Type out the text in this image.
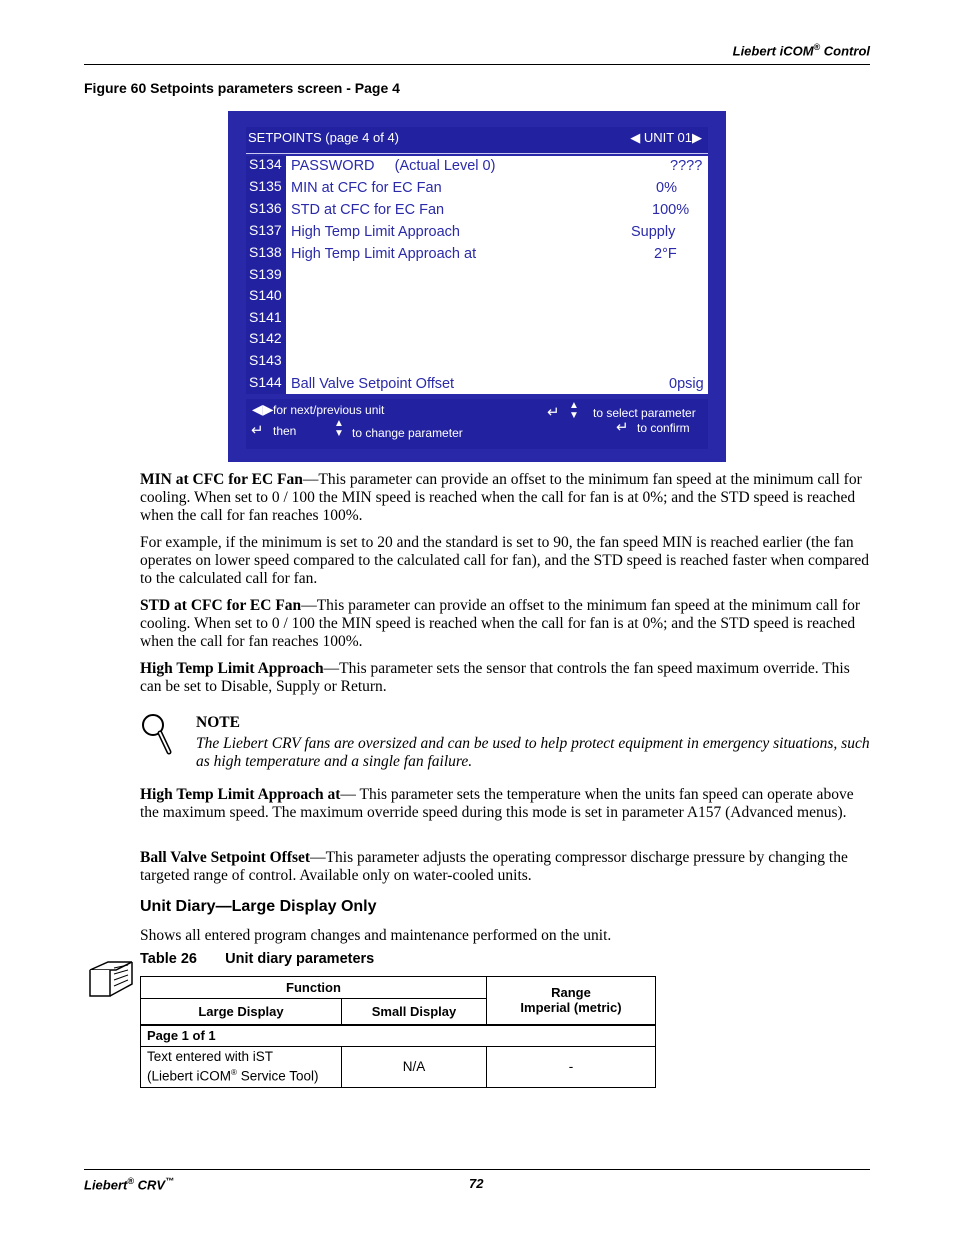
Liebert iCOM® Control
Figure 60 Setpoints parameters screen - Page 4
SETPOINTS (page 4 of 4)	◀ UNIT 01▶
S134 PASSWORD     (Actual Level 0)	????
S135 MIN at CFC for EC Fan	0%
S136 STD at CFC for EC Fan	100%
S137 High Temp Limit Approach	Supply
S138 High Temp Limit Approach at	2°F
S139
S140
S141
S142
S143
S144 Ball Valve Setpoint Offset	0psig
◀▶ for next/previous unit
↵ then
▲
▼ to change parameter
↵ ▲
▼ to select parameter
↵ to confirm

MIN at CFC for EC Fan—This parameter can provide an offset to the minimum fan speed at the minimum call for cooling. When set to 0 / 100 the MIN speed is reached when the call for fan is at 0%; and the STD speed is reached when the call for fan reaches 100%.

For example, if the minimum is set to 20 and the standard is set to 90, the fan speed MIN is reached earlier (the fan operates on lower speed compared to the calculated call for fan), and the STD speed is reached faster when compared to the calculated call for fan.

STD at CFC for EC Fan—This parameter can provide an offset to the minimum fan speed at the minimum call for cooling. When set to 0 / 100 the MIN speed is reached when the call for fan is at 0%; and the STD speed is reached when the call for fan reaches 100%.

High Temp Limit Approach—This parameter sets the sensor that controls the fan speed maximum override. This can be set to Disable, Supply or Return.

NOTE

The Liebert CRV fans are oversized and can be used to help protect equipment in emergency situations, such as high temperature and a single fan failure.

High Temp Limit Approach at— This parameter sets the temperature when the units fan speed can operate above the maximum speed. The maximum override speed during this mode is set in parameter A157 (Advanced menus).

Ball Valve Setpoint Offset—This parameter adjusts the operating compressor discharge pressure by changing the targeted range of control. Available only on water-cooled units.

Unit Diary—Large Display Only

Shows all entered program changes and maintenance performed on the unit.

Table 26       Unit diary parameters
Function		Range
Imperial (metric)
Large Display	Small Display	
Page 1 of 1		
Text entered with iST
(Liebert iCOM® Service Tool)	N/A	-
Liebert® CRV™	72
